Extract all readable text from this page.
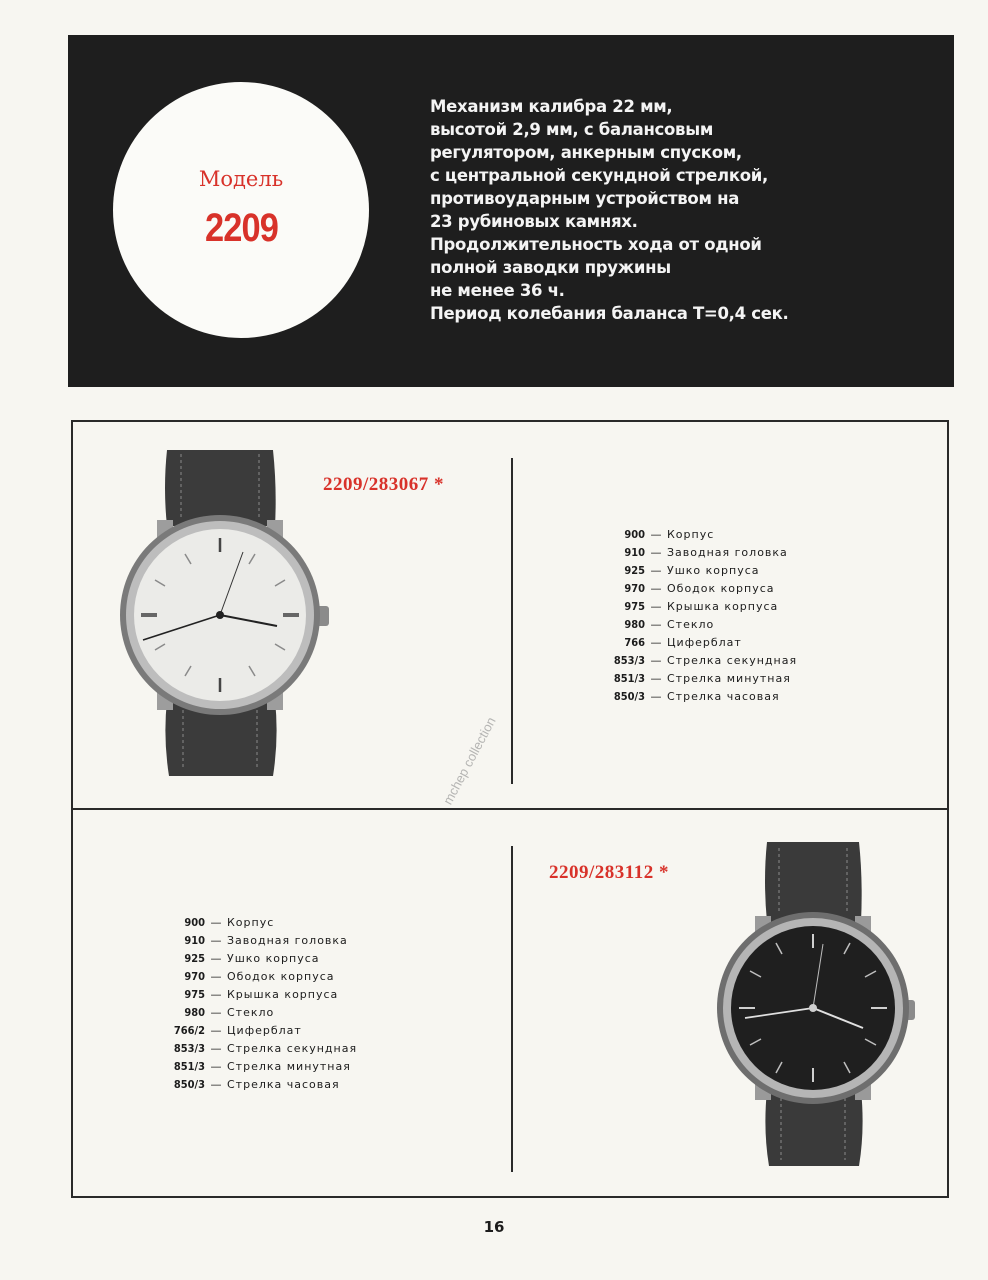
Модель
2209
Механизм калибра 22 мм,
высотой 2,9 мм, с балансовым
регулятором, анкерным спуском,
с центральной секундной стрелкой,
противоударным устройством на
23 рубиновых камнях.
Продолжительность хода от одной
полной заводки пружины
не менее 36 ч.
Период колебания баланса T=0,4 сек.
2209/283067 *
900 — Корпус
910 — Заводная головка
925 — Ушко корпуса
970 — Ободок корпуса
975 — Крышка корпуса
980 — Стекло
766 — Циферблат
853/3 — Стрелка секундная
851/3 — Стрелка минутная
850/3 — Стрелка часовая
900 — Корпус
910 — Заводная головка
925 — Ушко корпуса
970 — Ободок корпуса
975 — Крышка корпуса
980 — Стекло
766/2 — Циферблат
853/3 — Стрелка секундная
851/3 — Стрелка минутная
850/3 — Стрелка часовая
2209/283112 *
mchep collection
16
